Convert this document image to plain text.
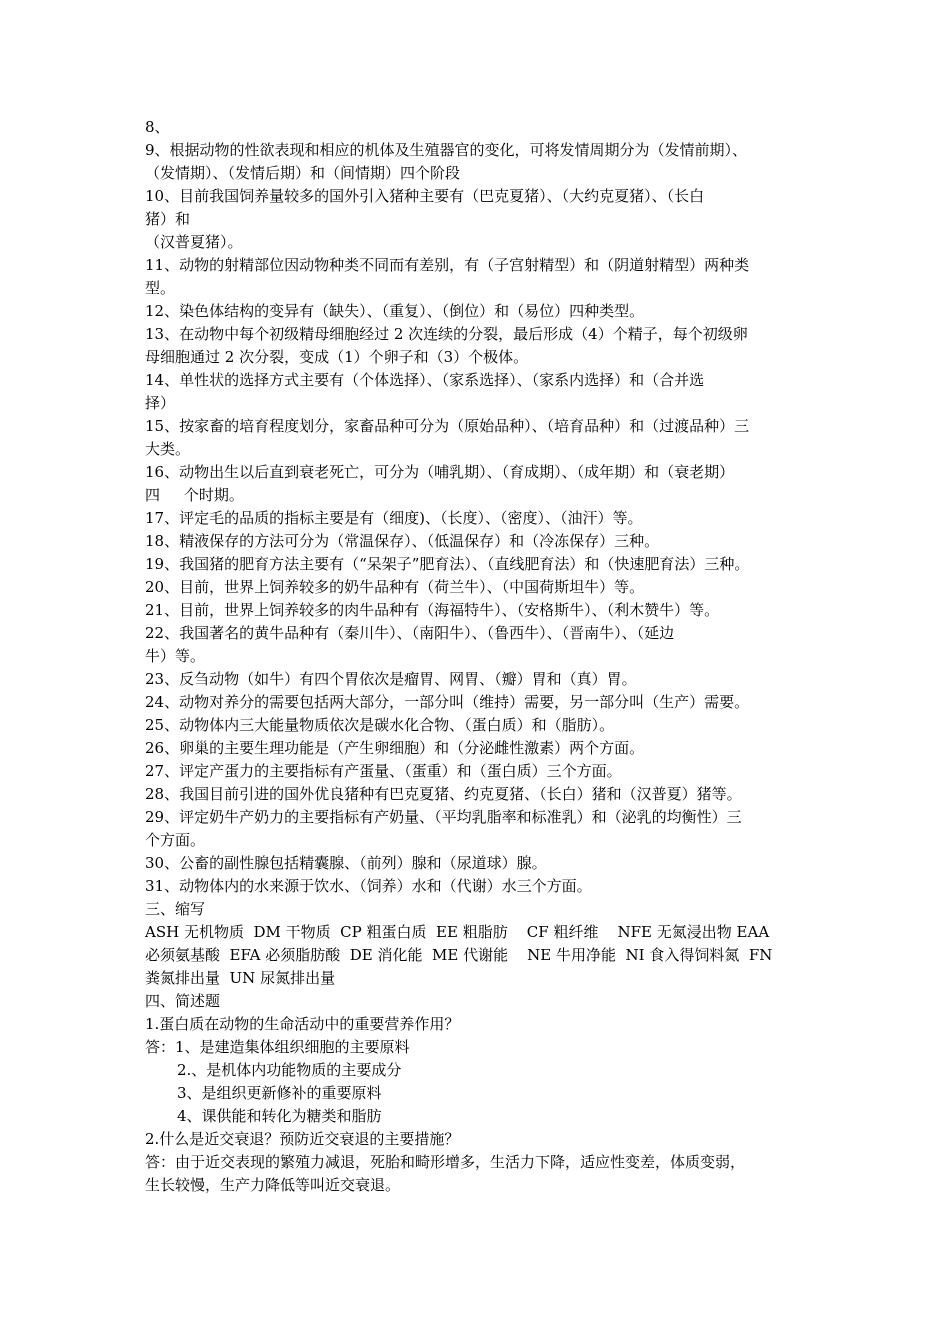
8、
9、根据动物的性欲表现和相应的机体及生殖器官的变化，可将发情周期分为（发情前期）、
（发情期）、（发情后期）和（间情期）四个阶段
10、目前我国饲养量较多的国外引入猪种主要有（巴克夏猪）、（大约克夏猪）、（长白
猪）和
（汉普夏猪）。
11、动物的射精部位因动物种类不同而有差别，有（子宫射精型）和（阴道射精型）两种类
型。
12、染色体结构的变异有（缺失）、（重复）、（倒位）和（易位）四种类型。
13、在动物中每个初级精母细胞经过 2 次连续的分裂，最后形成（4）个精子，每个初级卵
母细胞通过 2 次分裂，变成（1）个卵子和（3）个极体。
14、单性状的选择方式主要有（个体选择）、（家系选择）、（家系内选择）和（合并选
择）
15、按家畜的培育程度划分，家畜品种可分为（原始品种）、（培育品种）和（过渡品种）三
大类。
16、动物出生以后直到衰老死亡，可分为（哺乳期）、（育成期）、（成年期）和（衰老期）
四     个时期。
17、评定毛的品质的指标主要是有（细度)、（长度）、（密度）、（油汗）等。
18、精液保存的方法可分为（常温保存）、（低温保存）和（冷冻保存）三种。
19、我国猪的肥育方法主要有（“呆架子”肥育法）、（直线肥育法）和（快速肥育法）三种。
20、目前，世界上饲养较多的奶牛品种有（荷兰牛）、（中国荷斯坦牛）等。
21、目前，世界上饲养较多的肉牛品种有（海福特牛）、（安格斯牛）、（利木赞牛）等。
22、我国著名的黄牛品种有（秦川牛）、（南阳牛）、（鲁西牛）、（晋南牛）、（延边
牛）等。
23、反刍动物（如牛）有四个胃依次是瘤胃、网胃、（瓣）胃和（真）胃。
24、动物对养分的需要包括两大部分，一部分叫（维持）需要，另一部分叫（生产）需要。
25、动物体内三大能量物质依次是碳水化合物、（蛋白质）和（脂肪）。
26、卵巢的主要生理功能是（产生卵细胞）和（分泌雌性激素）两个方面。
27、评定产蛋力的主要指标有产蛋量、（蛋重）和（蛋白质）三个方面。
28、我国目前引进的国外优良猪种有巴克夏猪、约克夏猪、（长白）猪和（汉普夏）猪等。
29、评定奶牛产奶力的主要指标有产奶量、（平均乳脂率和标准乳）和（泌乳的均衡性）三
个方面。
30、公畜的副性腺包括精囊腺、（前列）腺和（尿道球）腺。
31、动物体内的水来源于饮水、（饲养）水和（代谢）水三个方面。
三、缩写
ASH 无机物质  DM 干物质  CP 粗蛋白质  EE 粗脂肪    CF 粗纤维    NFE 无氮浸出物 EAA
必须氨基酸  EFA 必须脂肪酸  DE 消化能  ME 代谢能    NE 牛用净能  NI 食入得饲料氮  FN
粪氮排出量  UN 尿氮排出量
四、简述题
1.蛋白质在动物的生命活动中的重要营养作用？
答：1、是建造集体组织细胞的主要原料
2.、是机体内功能物质的主要成分
3、是组织更新修补的重要原料
4、课供能和转化为糖类和脂肪
2.什么是近交衰退？预防近交衰退的主要措施？
答：由于近交表现的繁殖力减退，死胎和畸形增多，生活力下降，适应性变差，体质变弱，
生长较慢，生产力降低等叫近交衰退。
